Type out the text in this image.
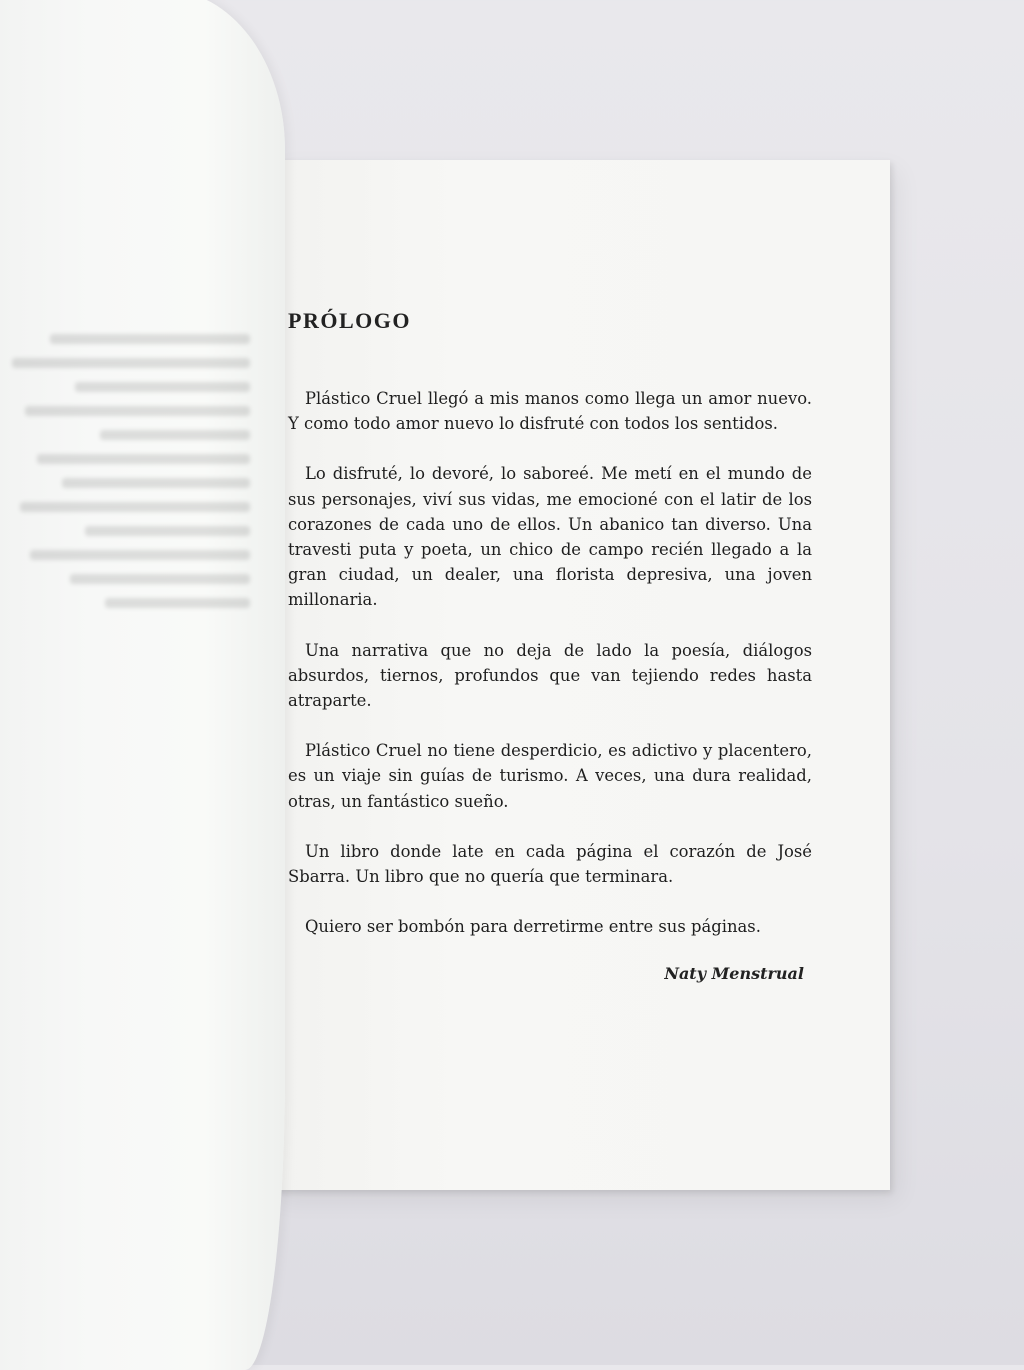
PRÓLOGO

Plástico Cruel llegó a mis manos como llega un amor nuevo. Y como todo amor nuevo lo disfruté con todos los sentidos.

Lo disfruté, lo devoré, lo saboreé. Me metí en el mundo de sus personajes, viví sus vidas, me emocioné con el latir de los corazones de cada uno de ellos. Un abanico tan diverso. Una travesti puta y poeta, un chico de campo recién llegado a la gran ciudad, un dealer, una florista depresiva, una joven millonaria.

Una narrativa que no deja de lado la poesía, diálogos absurdos, tiernos, profundos que van tejiendo redes hasta atraparte.

Plástico Cruel no tiene desperdicio, es adictivo y placentero, es un viaje sin guías de turismo. A veces, una dura realidad, otras, un fantástico sueño.

Un libro donde late en cada página el corazón de José Sbarra. Un libro que no quería que terminara.

Quiero ser bombón para derretirme entre sus páginas.

Naty Menstrual
